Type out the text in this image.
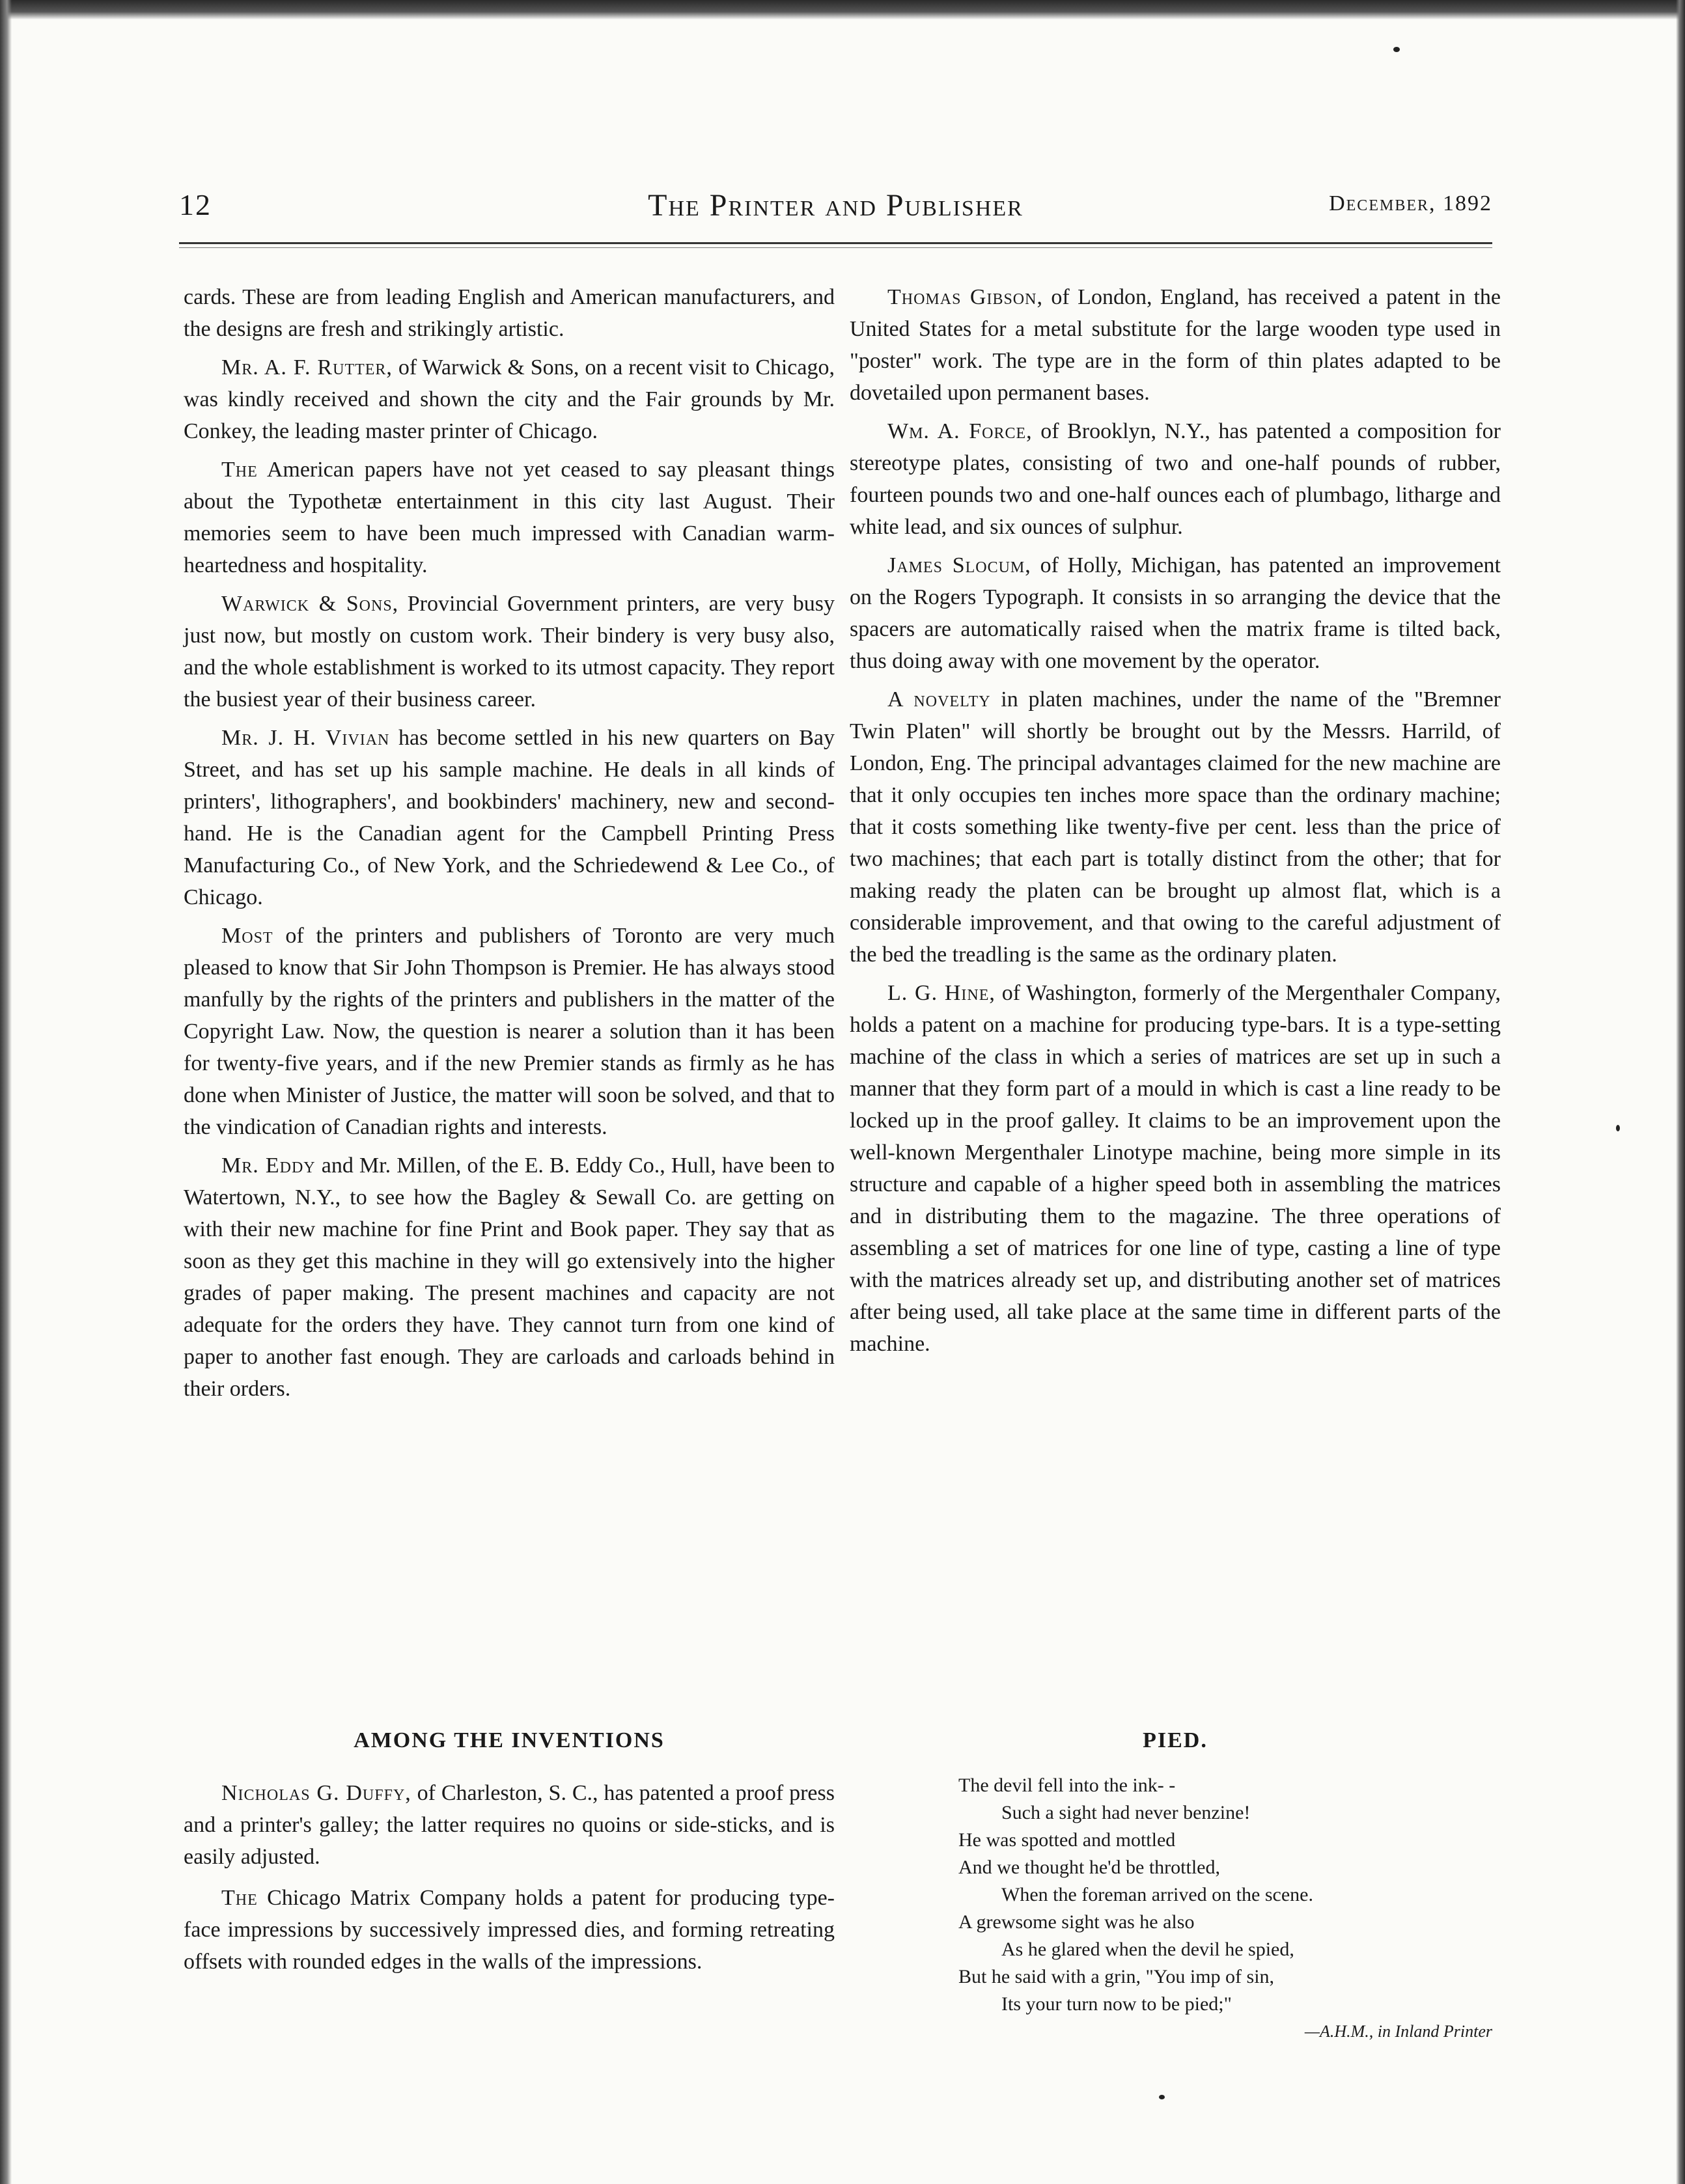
12	The Printer and Publisher	December, 1892

cards. These are from leading English and American manufacturers, and the designs are fresh and strikingly artistic.

Mr. A. F. Rutter, of Warwick & Sons, on a recent visit to Chicago, was kindly received and shown the city and the Fair grounds by Mr. Conkey, the leading master printer of Chicago.

The American papers have not yet ceased to say pleasant things about the Typothetæ entertainment in this city last August. Their memories seem to have been much impressed with Canadian warm-heartedness and hospitality.

Warwick & Sons, Provincial Government printers, are very busy just now, but mostly on custom work. Their bindery is very busy also, and the whole establishment is worked to its utmost capacity. They report the busiest year of their business career.

Mr. J. H. Vivian has become settled in his new quarters on Bay Street, and has set up his sample machine. He deals in all kinds of printers', lithographers', and bookbinders' machinery, new and second-hand. He is the Canadian agent for the Campbell Printing Press Manufacturing Co., of New York, and the Schriedewend & Lee Co., of Chicago.

Most of the printers and publishers of Toronto are very much pleased to know that Sir John Thompson is Premier. He has always stood manfully by the rights of the printers and publishers in the matter of the Copyright Law. Now, the question is nearer a solution than it has been for twenty-five years, and if the new Premier stands as firmly as he has done when Minister of Justice, the matter will soon be solved, and that to the vindication of Canadian rights and interests.

Mr. Eddy and Mr. Millen, of the E. B. Eddy Co., Hull, have been to Watertown, N.Y., to see how the Bagley & Sewall Co. are getting on with their new machine for fine Print and Book paper. They say that as soon as they get this machine in they will go extensively into the higher grades of paper making. The present machines and capacity are not adequate for the orders they have. They cannot turn from one kind of paper to another fast enough. They are carloads and carloads behind in their orders.

Thomas Gibson, of London, England, has received a patent in the United States for a metal substitute for the large wooden type used in "poster" work. The type are in the form of thin plates adapted to be dovetailed upon permanent bases.

Wm. A. Force, of Brooklyn, N.Y., has patented a composition for stereotype plates, consisting of two and one-half pounds of rubber, fourteen pounds two and one-half ounces each of plumbago, litharge and white lead, and six ounces of sulphur.

James Slocum, of Holly, Michigan, has patented an improvement on the Rogers Typograph. It consists in so arranging the device that the spacers are automatically raised when the matrix frame is tilted back, thus doing away with one movement by the operator.

A novelty in platen machines, under the name of the "Bremner Twin Platen" will shortly be brought out by the Messrs. Harrild, of London, Eng. The principal advantages claimed for the new machine are that it only occupies ten inches more space than the ordinary machine; that it costs something like twenty-five per cent. less than the price of two machines; that each part is totally distinct from the other; that for making ready the platen can be brought up almost flat, which is a considerable improvement, and that owing to the careful adjustment of the bed the treadling is the same as the ordinary platen.

L. G. Hine, of Washington, formerly of the Mergenthaler Company, holds a patent on a machine for producing type-bars. It is a type-setting machine of the class in which a series of matrices are set up in such a manner that they form part of a mould in which is cast a line ready to be locked up in the proof galley. It claims to be an improvement upon the well-known Mergenthaler Linotype machine, being more simple in its structure and capable of a higher speed both in assembling the matrices and in distributing them to the magazine. The three operations of assembling a set of matrices for one line of type, casting a line of type with the matrices already set up, and distributing another set of matrices after being used, all take place at the same time in different parts of the machine.

AMONG THE INVENTIONS

Nicholas G. Duffy, of Charleston, S. C., has patented a proof press and a printer's galley; the latter requires no quoins or side-sticks, and is easily adjusted.

The Chicago Matrix Company holds a patent for producing type-face impressions by successively impressed dies, and forming retreating offsets with rounded edges in the walls of the impressions.

PIED.
The devil fell into the ink- -
Such a sight had never benzine!
He was spotted and mottled
And we thought he'd be throttled,
When the foreman arrived on the scene.
A grewsome sight was he also
As he glared when the devil he spied,
But he said with a grin, "You imp of sin,
Its your turn now to be pied;"
—A.H.M., in Inland Printer
